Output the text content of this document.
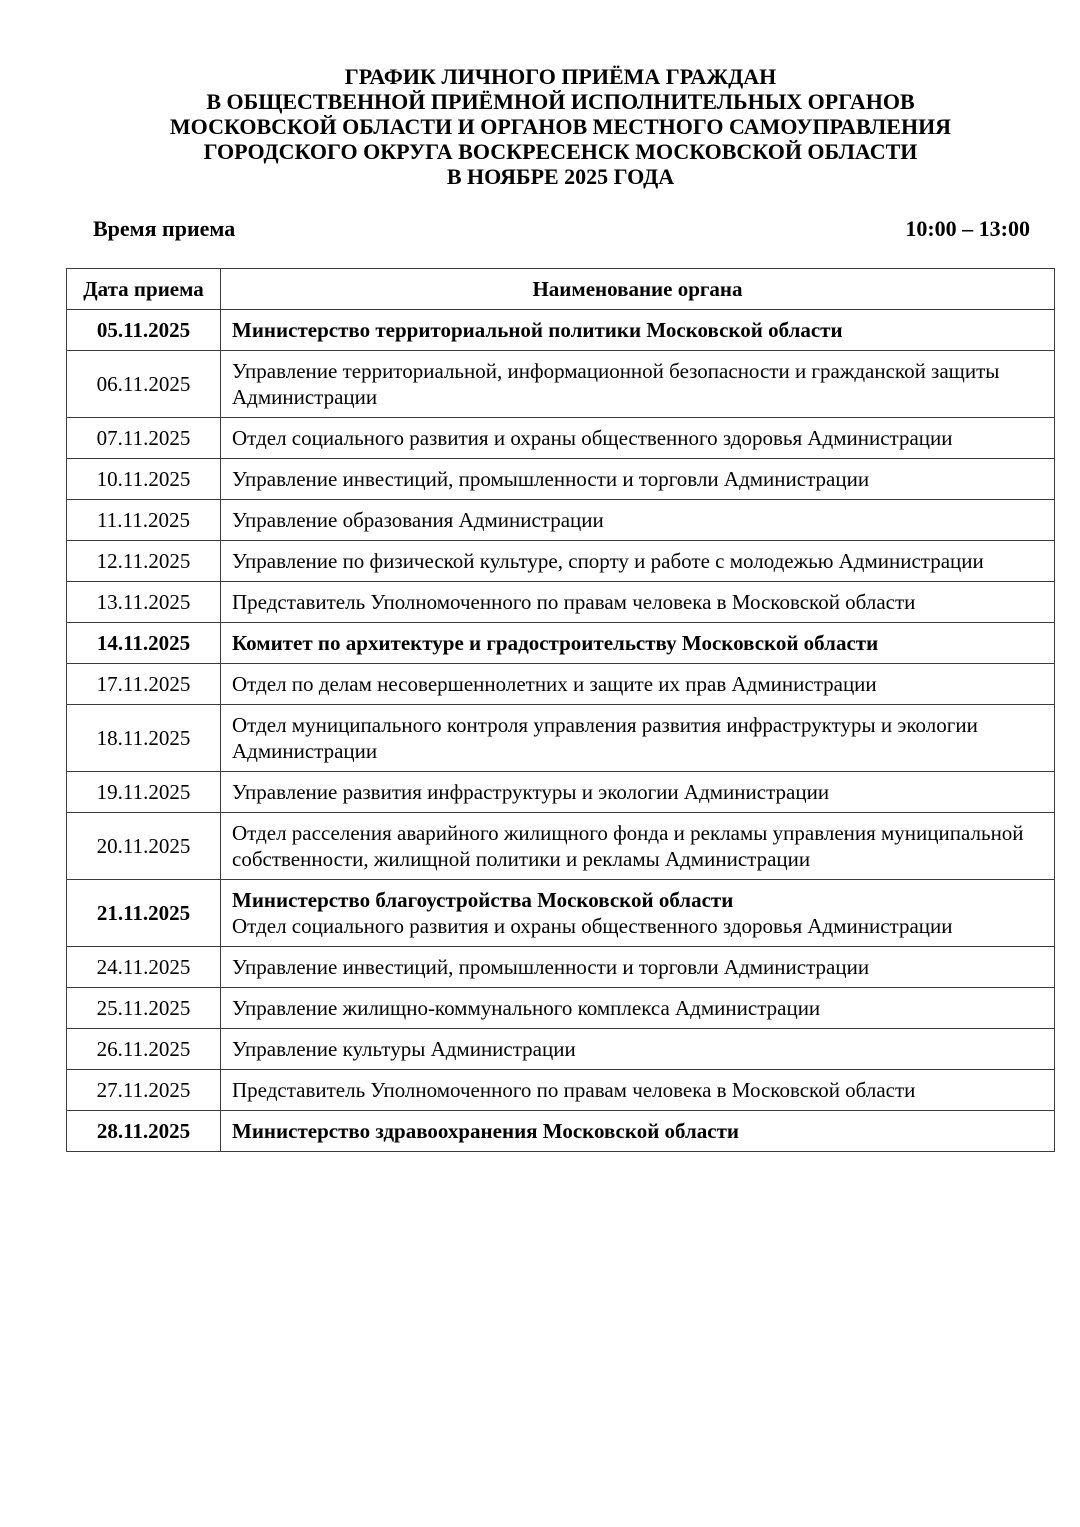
ГРАФИК ЛИЧНОГО ПРИЁМА ГРАЖДАН
В ОБЩЕСТВЕННОЙ ПРИЁМНОЙ ИСПОЛНИТЕЛЬНЫХ ОРГАНОВ
МОСКОВСКОЙ ОБЛАСТИ И ОРГАНОВ МЕСТНОГО САМОУПРАВЛЕНИЯ
ГОРОДСКОГО ОКРУГА ВОСКРЕСЕНСК МОСКОВСКОЙ ОБЛАСТИ
В НОЯБРЕ 2025 ГОДА
Время приема	10:00 – 13:00
Дата приема	Наименование органа
05.11.2025	Министерство территориальной политики Московской области

06.11.2025	Управление территориальной, информационной безопасности и гражданской защиты Администрации

07.11.2025	Отдел социального развития и охраны общественного здоровья Администрации

10.11.2025	Управление инвестиций, промышленности и торговли Администрации

11.11.2025	Управление образования Администрации

12.11.2025	Управление по физической культуре, спорту и работе с молодежью Администрации

13.11.2025	Представитель Уполномоченного по правам человека в Московской области

14.11.2025	Комитет по архитектуре и градостроительству Московской области

17.11.2025	Отдел по делам несовершеннолетних и защите их прав Администрации

18.11.2025	Отдел муниципального контроля управления развития инфраструктуры и экологии Администрации

19.11.2025	Управление развития инфраструктуры и экологии Администрации

20.11.2025	Отдел расселения аварийного жилищного фонда и рекламы управления муниципальной собственности, жилищной политики и рекламы Администрации

21.11.2025	Министерство благоустройства Московской области
Отдел социального развития и охраны общественного здоровья Администрации

24.11.2025	Управление инвестиций, промышленности и торговли Администрации

25.11.2025	Управление жилищно-коммунального комплекса Администрации

26.11.2025	Управление культуры Администрации

27.11.2025	Представитель Уполномоченного по правам человека в Московской области

28.11.2025	Министерство здравоохранения Московской области
